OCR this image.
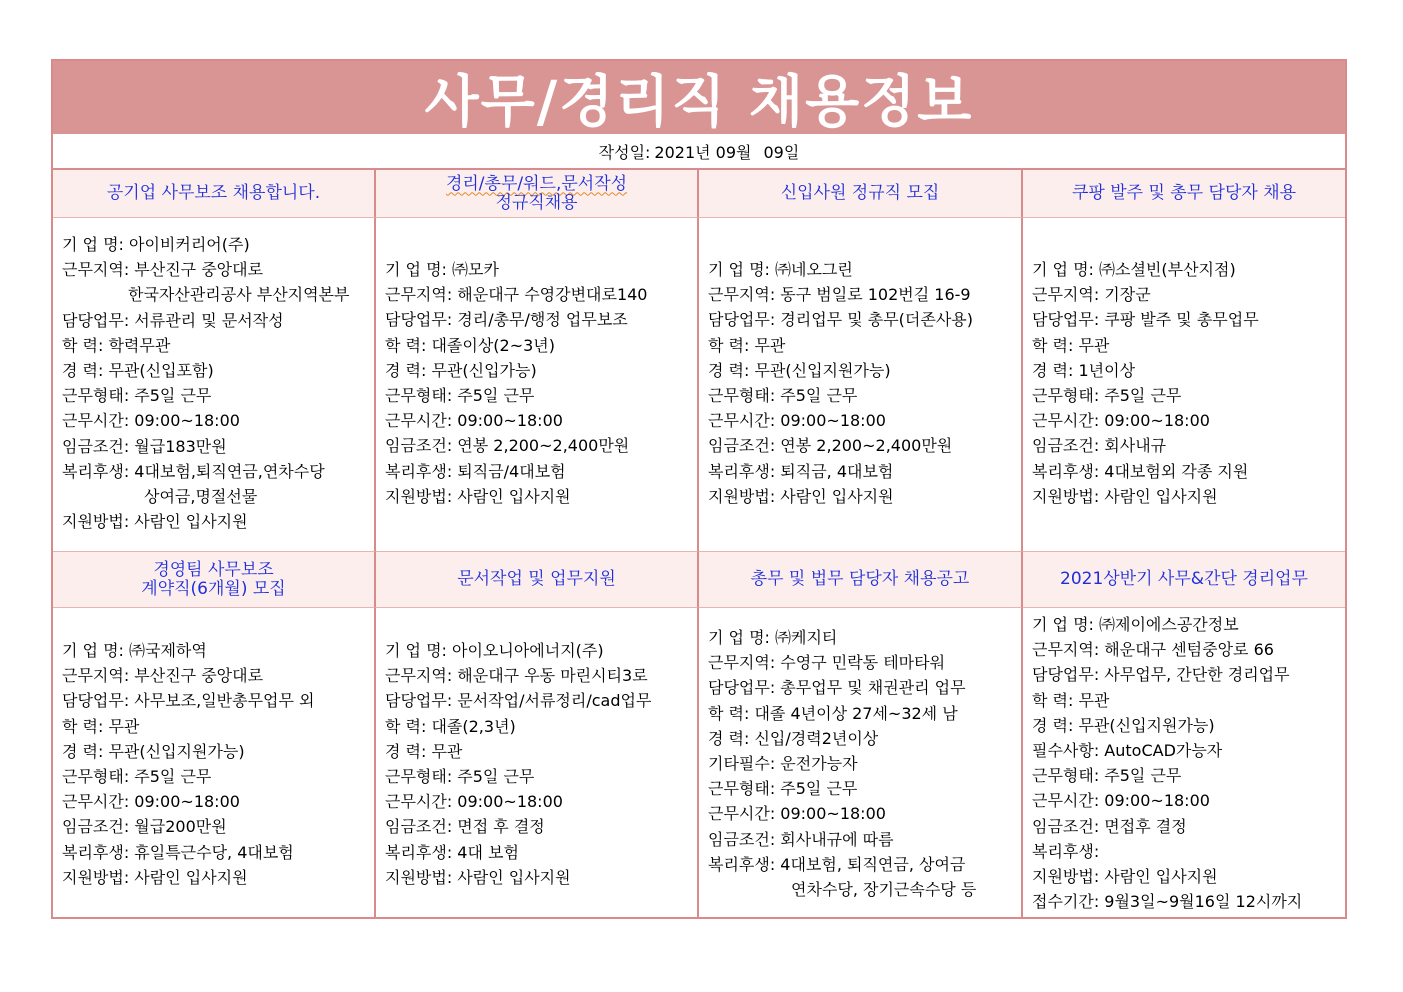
사무/경리직 채용정보
작성일: 2021년 09월 09일
공기업 사무보조 채용합니다.	경리/총무/워드,문서작성
정규직채용	신입사원 정규직 모집	쿠팡 발주 및 총무 담당자 채용
기 업 명: 아이비커리어(주)
근무지역: 부산진구 중앙대로
한국자산관리공사 부산지역본부
담당업무: 서류관리 및 문서작성
학 력: 학력무관
경 력: 무관(신입포함)
근무형태: 주5일 근무
근무시간: 09:00~18:00
임금조건: 월급183만원
복리후생: 4대보험,퇴직연금,연차수당
상여금,명절선물
지원방법: 사람인 입사지원
기 업 명: ㈜모카
근무지역: 해운대구 수영강변대로140
담당업무: 경리/총무/행정 업무보조
학 력: 대졸이상(2~3년)
경 력: 무관(신입가능)
근무형태: 주5일 근무
근무시간: 09:00~18:00
임금조건: 연봉 2,200~2,400만원
복리후생: 퇴직금/4대보험
지원방법: 사람인 입사지원
기 업 명: ㈜네오그린
근무지역: 동구 범일로 102번길 16-9
담당업무: 경리업무 및 총무(더존사용)
학 력: 무관
경 력: 무관(신입지원가능)
근무형태: 주5일 근무
근무시간: 09:00~18:00
임금조건: 연봉 2,200~2,400만원
복리후생: 퇴직금, 4대보험
지원방법: 사람인 입사지원
기 업 명: ㈜소셜빈(부산지점)
근무지역: 기장군
담당업무: 쿠팡 발주 및 총무업무
학 력: 무관
경 력: 1년이상
근무형태: 주5일 근무
근무시간: 09:00~18:00
임금조건: 회사내규
복리후생: 4대보험외 각종 지원
지원방법: 사람인 입사지원
경영팀 사무보조
계약직(6개월) 모집	문서작업 및 업무지원	총무 및 법무 담당자 채용공고	2021상반기 사무&간단 경리업무
기 업 명: ㈜국제하역
근무지역: 부산진구 중앙대로
담당업무: 사무보조,일반총무업무 외
학 력: 무관
경 력: 무관(신입지원가능)
근무형태: 주5일 근무
근무시간: 09:00~18:00
임금조건: 월급200만원
복리후생: 휴일특근수당, 4대보험
지원방법: 사람인 입사지원
기 업 명: 아이오니아에너지(주)
근무지역: 해운대구 우동 마린시티3로
담당업무: 문서작업/서류정리/cad업무
학 력: 대졸(2,3년)
경 력: 무관
근무형태: 주5일 근무
근무시간: 09:00~18:00
임금조건: 면접 후 결정
복리후생: 4대 보험
지원방법: 사람인 입사지원
기 업 명: ㈜케지티
근무지역: 수영구 민락동 테마타워
담당업무: 총무업무 및 채권관리 업무
학 력: 대졸 4년이상 27세~32세 남
경 력: 신입/경력2년이상
기타필수: 운전가능자
근무형태: 주5일 근무
근무시간: 09:00~18:00
임금조건: 회사내규에 따름
복리후생: 4대보험, 퇴직연금, 상여금
연차수당, 장기근속수당 등
기 업 명: ㈜제이에스공간정보
근무지역: 해운대구 센텀중앙로 66
담당업무: 사무업무, 간단한 경리업무
학 력: 무관
경 력: 무관(신입지원가능)
필수사항: AutoCAD가능자
근무형태: 주5일 근무
근무시간: 09:00~18:00
임금조건: 면접후 결정
복리후생:
지원방법: 사람인 입사지원
접수기간: 9월3일~9월16일 12시까지
